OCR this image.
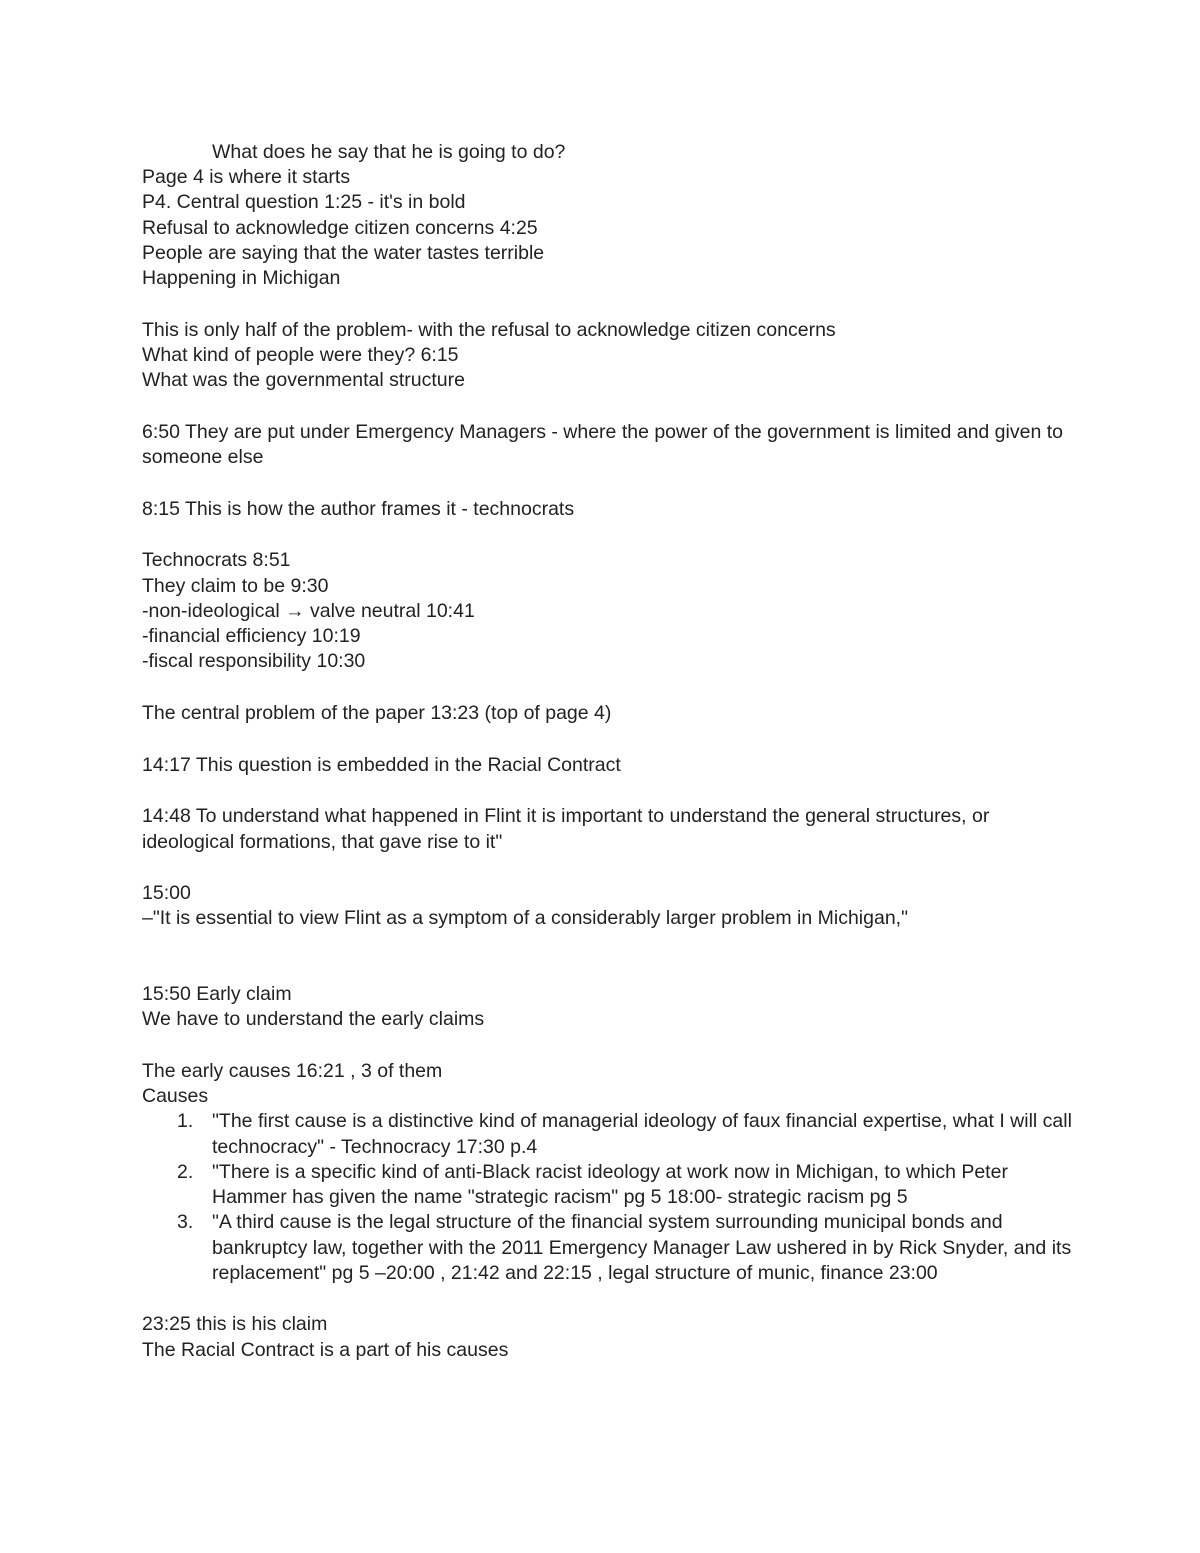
What does he say that he is going to do?
Page 4 is where it starts
P4. Central question 1:25 - it's in bold
Refusal to acknowledge citizen concerns 4:25
People are saying that the water tastes terrible
Happening in Michigan
This is only half of the problem- with the refusal to acknowledge citizen concerns
What kind of people were they? 6:15
What was the governmental structure
6:50 They are put under Emergency Managers - where the power of the government is limited and given to someone else
8:15 This is how the author frames it - technocrats
Technocrats 8:51
They claim to be 9:30
-non-ideological → valve neutral 10:41
-financial efficiency 10:19
-fiscal responsibility 10:30
The central problem of the paper 13:23 (top of page 4)
14:17 This question is embedded in the Racial Contract
14:48 To understand what happened in Flint it is important to understand the general structures, or ideological formations, that gave rise to it"
15:00
–"It is essential to view Flint as a symptom of a considerably larger problem in Michigan,"
15:50 Early claim
We have to understand the early claims
The early causes 16:21 , 3 of them
Causes
1. "The first cause is a distinctive kind of managerial ideology of faux financial expertise, what I will call technocracy" - Technocracy 17:30 p.4
2. "There is a specific kind of anti-Black racist ideology at work now in Michigan, to which Peter Hammer has given the name "strategic racism" pg 5 18:00- strategic racism pg 5
3. "A third cause is the legal structure of the financial system surrounding municipal bonds and bankruptcy law, together with the 2011 Emergency Manager Law ushered in by Rick Snyder, and its replacement" pg 5 –20:00 , 21:42 and 22:15 , legal structure of munic, finance 23:00
23:25 this is his claim
The Racial Contract is a part of his causes
